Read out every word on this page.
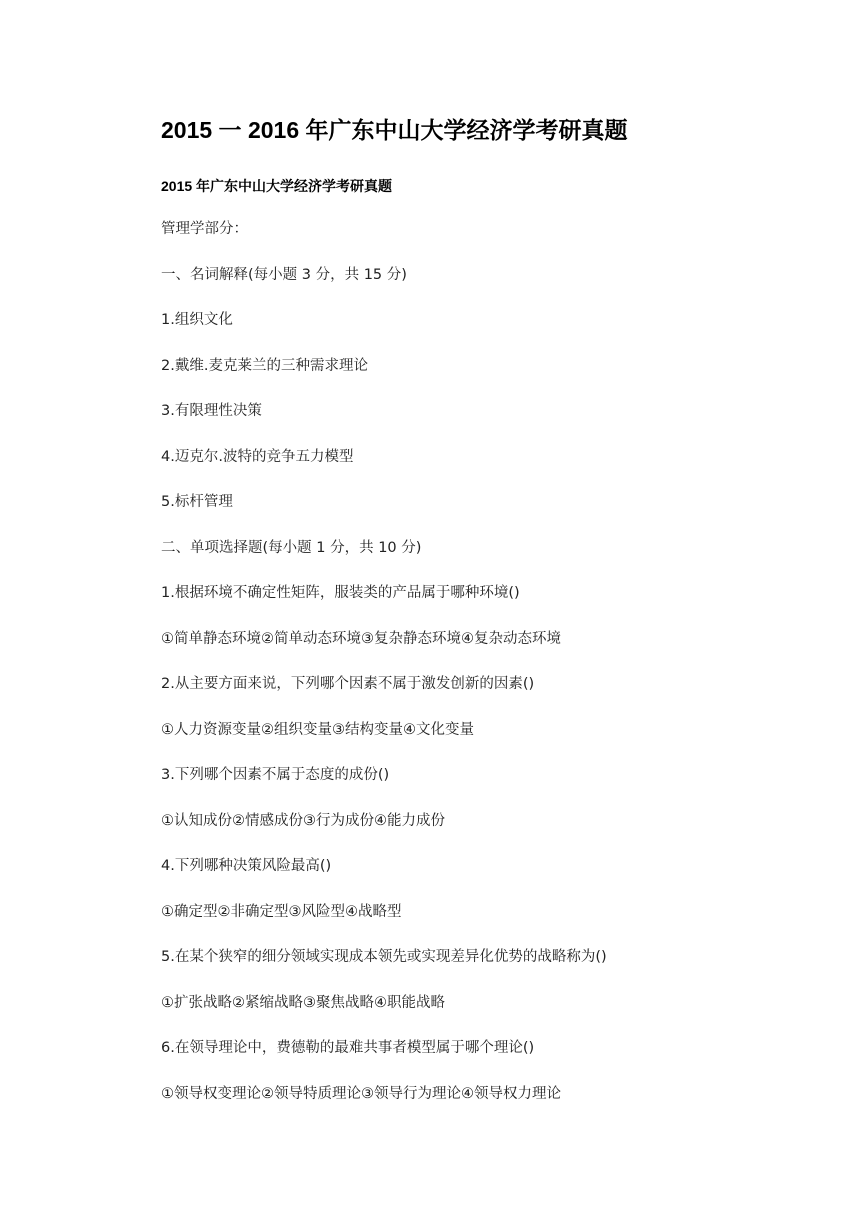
2015 一 2016 年广东中山大学经济学考研真题
2015 年广东中山大学经济学考研真题
管理学部分：
一、名词解释(每小题 3 分，共 15 分)
1.组织文化
2.戴维.麦克莱兰的三种需求理论
3.有限理性决策
4.迈克尔.波特的竞争五力模型
5.标杆管理
二、单项选择题(每小题 1 分，共 10 分)
1.根据环境不确定性矩阵，服装类的产品属于哪种环境()
①简单静态环境②简单动态环境③复杂静态环境④复杂动态环境
2.从主要方面来说，下列哪个因素不属于激发创新的因素()
①人力资源变量②组织变量③结构变量④文化变量
3.下列哪个因素不属于态度的成份()
①认知成份②情感成份③行为成份④能力成份
4.下列哪种决策风险最高()
①确定型②非确定型③风险型④战略型
5.在某个狭窄的细分领域实现成本领先或实现差异化优势的战略称为()
①扩张战略②紧缩战略③聚焦战略④职能战略
6.在领导理论中，费德勒的最难共事者模型属于哪个理论()
①领导权变理论②领导特质理论③领导行为理论④领导权力理论
